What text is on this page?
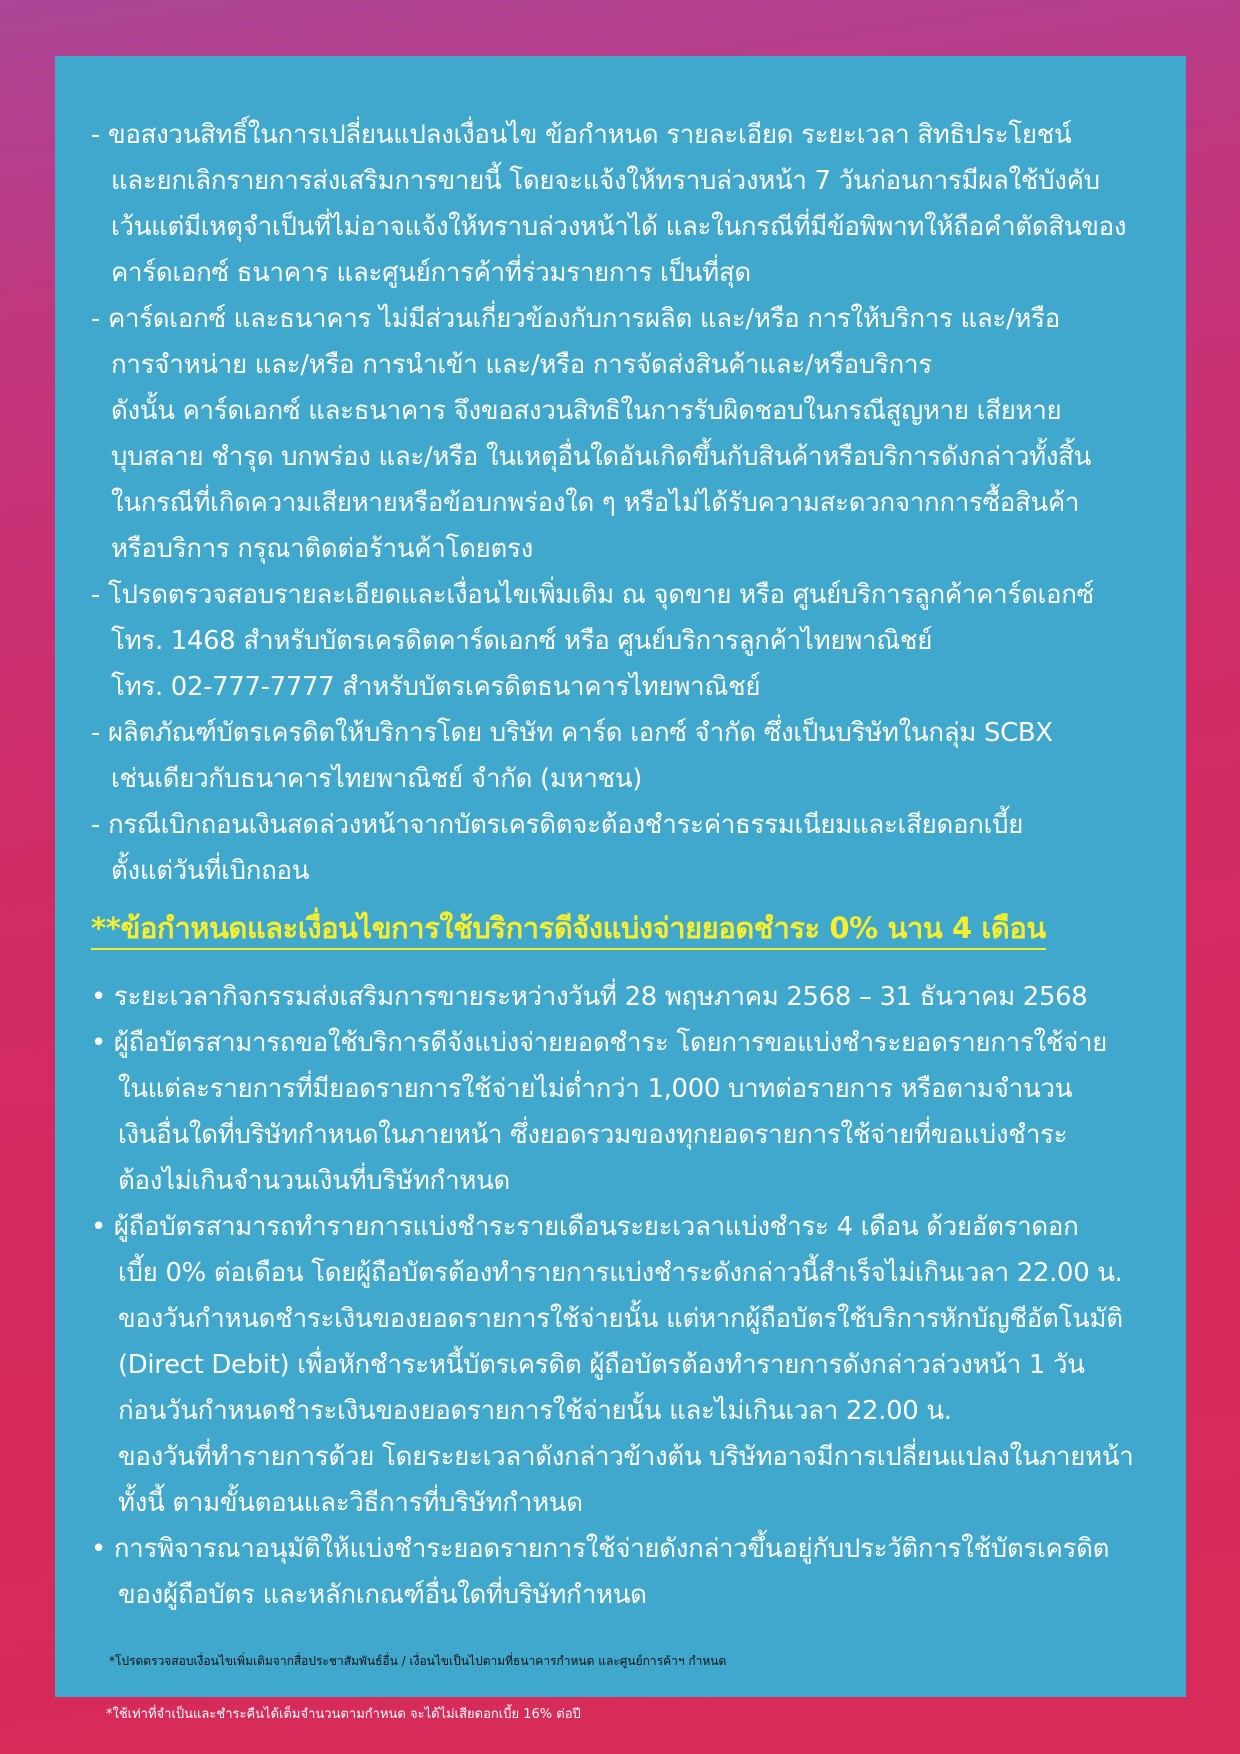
- ขอสงวนสิทธิ์ในการเปลี่ยนแปลงเงื่อนไข ข้อกำหนด รายละเอียด ระยะเวลา สิทธิประโยชน์
และยกเลิกรายการส่งเสริมการขายนี้ โดยจะแจ้งให้ทราบล่วงหน้า 7 วันก่อนการมีผลใช้บังคับ
เว้นแต่มีเหตุจำเป็นที่ไม่อาจแจ้งให้ทราบล่วงหน้าได้ และในกรณีที่มีข้อพิพาทให้ถือคำตัดสินของ
คาร์ดเอกซ์ ธนาคาร และศูนย์การค้าที่ร่วมรายการ เป็นที่สุด
- คาร์ดเอกซ์ และธนาคาร ไม่มีส่วนเกี่ยวข้องกับการผลิต และ/หรือ การให้บริการ และ/หรือ
การจำหน่าย และ/หรือ การนำเข้า และ/หรือ การจัดส่งสินค้าและ/หรือบริการ
ดังนั้น คาร์ดเอกซ์ และธนาคาร จึงขอสงวนสิทธิในการรับผิดชอบในกรณีสูญหาย เสียหาย
บุบสลาย ชำรุด บกพร่อง และ/หรือ ในเหตุอื่นใดอันเกิดขึ้นกับสินค้าหรือบริการดังกล่าวทั้งสิ้น
ในกรณีที่เกิดความเสียหายหรือข้อบกพร่องใด ๆ หรือไม่ได้รับความสะดวกจากการซื้อสินค้า
หรือบริการ กรุณาติดต่อร้านค้าโดยตรง
- โปรดตรวจสอบรายละเอียดและเงื่อนไขเพิ่มเติม ณ จุดขาย หรือ ศูนย์บริการลูกค้าคาร์ดเอกซ์
โทร. 1468 สำหรับบัตรเครดิตคาร์ดเอกซ์ หรือ ศูนย์บริการลูกค้าไทยพาณิชย์
โทร. 02-777-7777 สำหรับบัตรเครดิตธนาคารไทยพาณิชย์
- ผลิตภัณฑ์บัตรเครดิตให้บริการโดย บริษัท คาร์ด เอกซ์ จำกัด ซึ่งเป็นบริษัทในกลุ่ม SCBX
เช่นเดียวกับธนาคารไทยพาณิชย์ จำกัด (มหาชน)
- กรณีเบิกถอนเงินสดล่วงหน้าจากบัตรเครดิตจะต้องชำระค่าธรรมเนียมและเสียดอกเบี้ย
ตั้งแต่วันที่เบิกถอน
**ข้อกำหนดและเงื่อนไขการใช้บริการดีจังแบ่งจ่ายยอดชำระ 0% นาน 4 เดือน
• ระยะเวลากิจกรรมส่งเสริมการขายระหว่างวันที่ 28 พฤษภาคม 2568 – 31 ธันวาคม 2568
• ผู้ถือบัตรสามารถขอใช้บริการดีจังแบ่งจ่ายยอดชำระ โดยการขอแบ่งชำระยอดรายการใช้จ่าย
ในแต่ละรายการที่มียอดรายการใช้จ่ายไม่ต่ำกว่า 1,000 บาทต่อรายการ หรือตามจำนวน
เงินอื่นใดที่บริษัทกำหนดในภายหน้า ซึ่งยอดรวมของทุกยอดรายการใช้จ่ายที่ขอแบ่งชำระ
ต้องไม่เกินจำนวนเงินที่บริษัทกำหนด
• ผู้ถือบัตรสามารถทำรายการแบ่งชำระรายเดือนระยะเวลาแบ่งชำระ 4 เดือน ด้วยอัตราดอก
เบี้ย 0% ต่อเดือน โดยผู้ถือบัตรต้องทำรายการแบ่งชำระดังกล่าวนี้สำเร็จไม่เกินเวลา 22.00 น.
ของวันกำหนดชำระเงินของยอดรายการใช้จ่ายนั้น แต่หากผู้ถือบัตรใช้บริการหักบัญชีอัตโนมัติ
(Direct Debit) เพื่อหักชำระหนี้บัตรเครดิต ผู้ถือบัตรต้องทำรายการดังกล่าวล่วงหน้า 1 วัน
ก่อนวันกำหนดชำระเงินของยอดรายการใช้จ่ายนั้น และไม่เกินเวลา 22.00 น.
ของวันที่ทำรายการด้วย โดยระยะเวลาดังกล่าวข้างต้น บริษัทอาจมีการเปลี่ยนแปลงในภายหน้า
ทั้งนี้ ตามขั้นตอนและวิธีการที่บริษัทกำหนด
• การพิจารณาอนุมัติให้แบ่งชำระยอดรายการใช้จ่ายดังกล่าวขึ้นอยู่กับประวัติการใช้บัตรเครดิต
ของผู้ถือบัตร และหลักเกณฑ์อื่นใดที่บริษัทกำหนด
*โปรดตรวจสอบเงื่อนไขเพิ่มเติมจากสื่อประชาสัมพันธ์อื่น / เงื่อนไขเป็นไปตามที่ธนาคารกำหนด และศูนย์การค้าฯ กำหนด
*ใช้เท่าที่จำเป็นและชำระคืนได้เต็มจำนวนตามกำหนด จะได้ไม่เสียดอกเบี้ย 16% ต่อปี
